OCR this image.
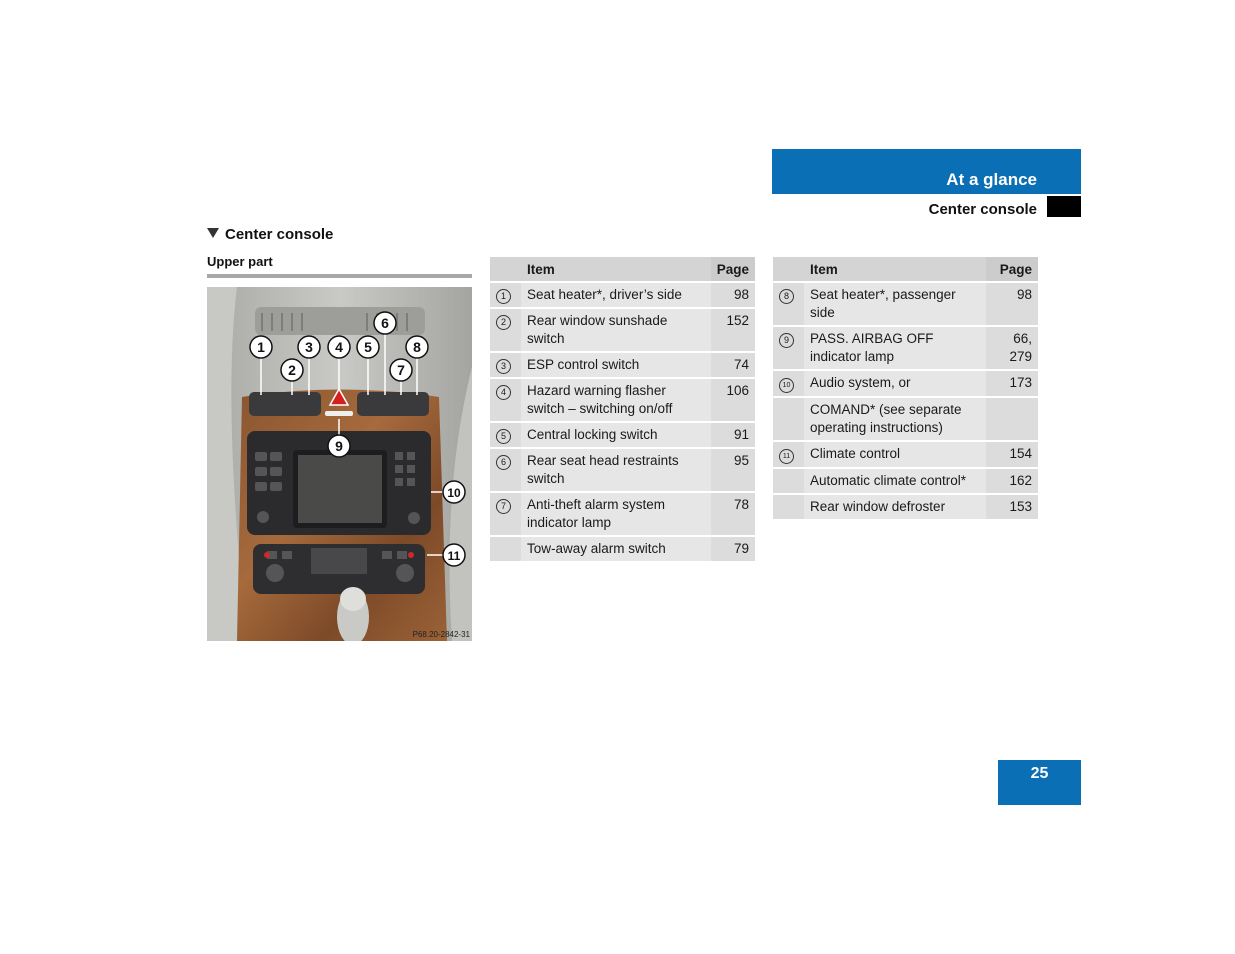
At a glance
Center console
Center console
Upper part
1
2
3 4 5
6
7
8
9
10
11
P68.20-2842-31
	Item	Page
1	Seat heater*, driver’s side	98
2	Rear window sunshade switch	152
3	ESP control switch	74
4	Hazard warning flasher switch – switching on/off	106
5	Central locking switch	91
6	Rear seat head restraints switch	95
7	Anti-theft alarm system indicator lamp	78
	Tow-away alarm switch	79
	Item	Page
8	Seat heater*, passenger side	98
9	PASS. AIRBAG OFF indicator lamp	66, 279
10	Audio system, or	173
	COMAND* (see separate operating instructions)	
11	Climate control	154
	Automatic climate control*	162
	Rear window defroster	153
25
